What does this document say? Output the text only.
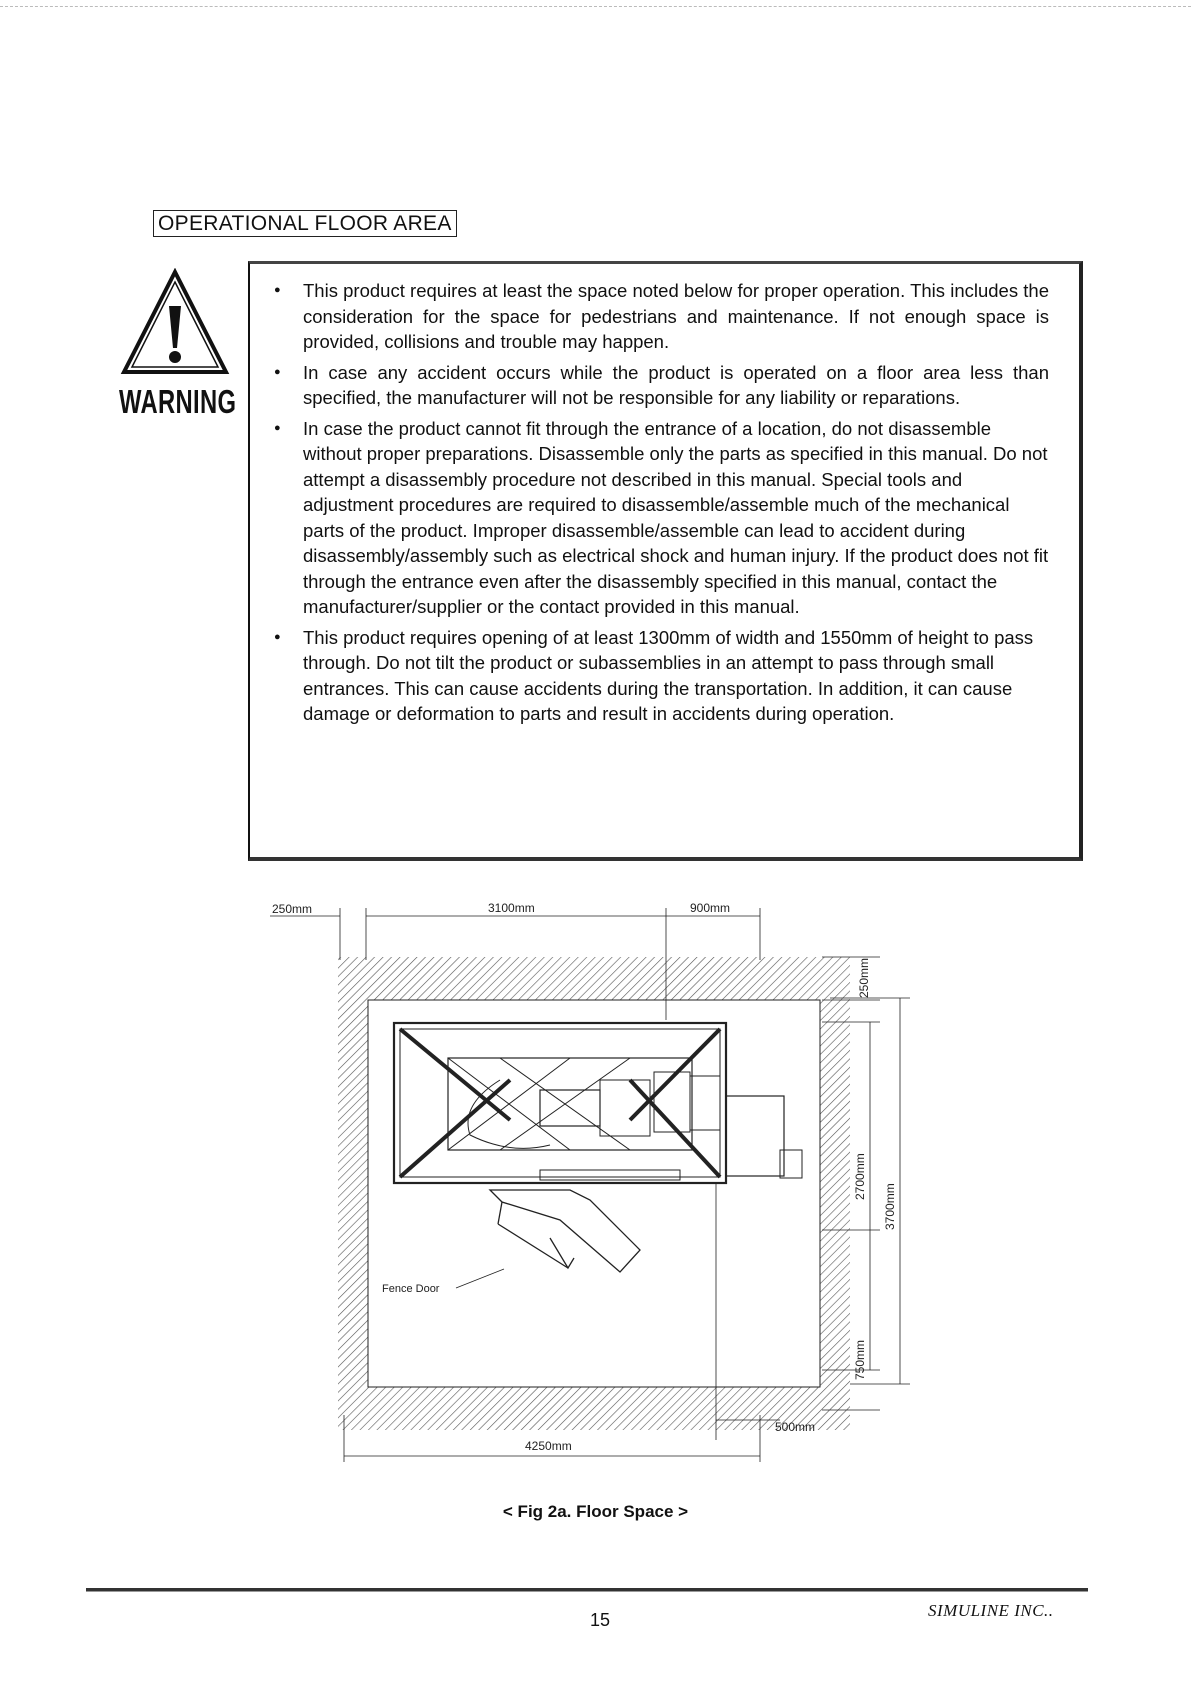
OPERATIONAL FLOOR AREA
WARNING
● This product requires at least the space noted below for proper operation. This includes the consideration for the space for pedestrians and maintenance. If not enough space is provided, collisions and trouble may happen.
● In case any accident occurs while the product is operated on a floor area less than specified, the manufacturer will not be responsible for any liability or reparations.
● In case the product cannot fit through the entrance of a location, do not disassemble without proper preparations. Disassemble only the parts as specified in this manual. Do not attempt a disassembly procedure not described in this manual. Special tools and adjustment procedures are required to disassemble/assemble much of the mechanical parts of the product. Improper disassemble/assemble can lead to accident during disassembly/assembly such as electrical shock and human injury. If the product does not fit through the entrance even after the disassembly specified in this manual, contact the manufacturer/supplier or the contact provided in this manual.
● This product requires opening of at least 1300mm of width and 1550mm of height to pass through. Do not tilt the product or subassemblies in an attempt to pass through small entrances. This can cause accidents during the transportation. In addition, it can cause damage or deformation to parts and result in accidents during operation.
Fence Door
250mm	3100mm	900mm
250mm
2700mm
3700mm
750mm
500mm
4250mm
< Fig 2a. Floor Space >
15	SIMULINE INC..
